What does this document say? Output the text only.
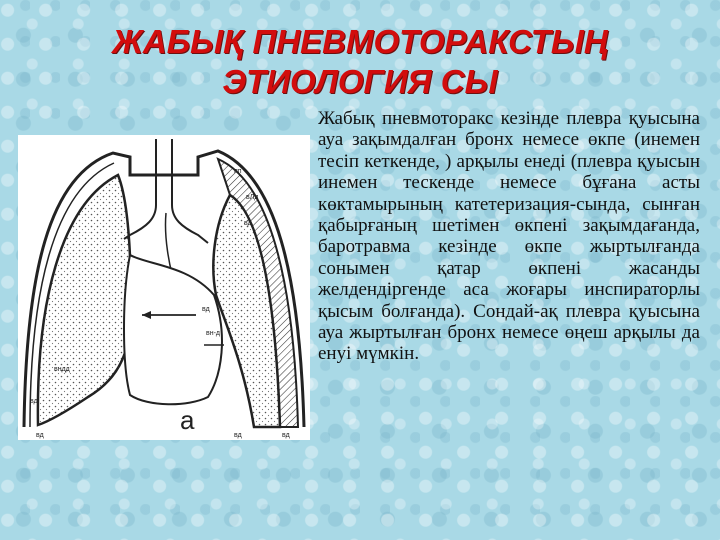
ЖАБЫҚ ПНЕВМОТОРАКСТЫҢ
ЭТИОЛОГИЯ СЫ
пп
вЛд
вд
вд
вн-д
вндд
вд
вд	вд	вд
а

Жабық пневмоторакс кезінде плевра қуысына ауа зақымдалған бронх немесе өкпе (инемен тесіп кеткенде, ) арқылы енеді (плевра қуысын инемен тескенде немесе бұғана асты көктамырының катетеризация-сында, сынған қабырғаның шетімен өкпені зақымдағанда, баротравма кезінде өкпе жыртылғанда сонымен қатар өкпені жасанды желдендіргенде аса жоғары инспираторлы қысым болғанда). Сондай-ақ плевра қуысына ауа жыртылған бронх немесе өңеш арқылы да енуі мүмкін.
